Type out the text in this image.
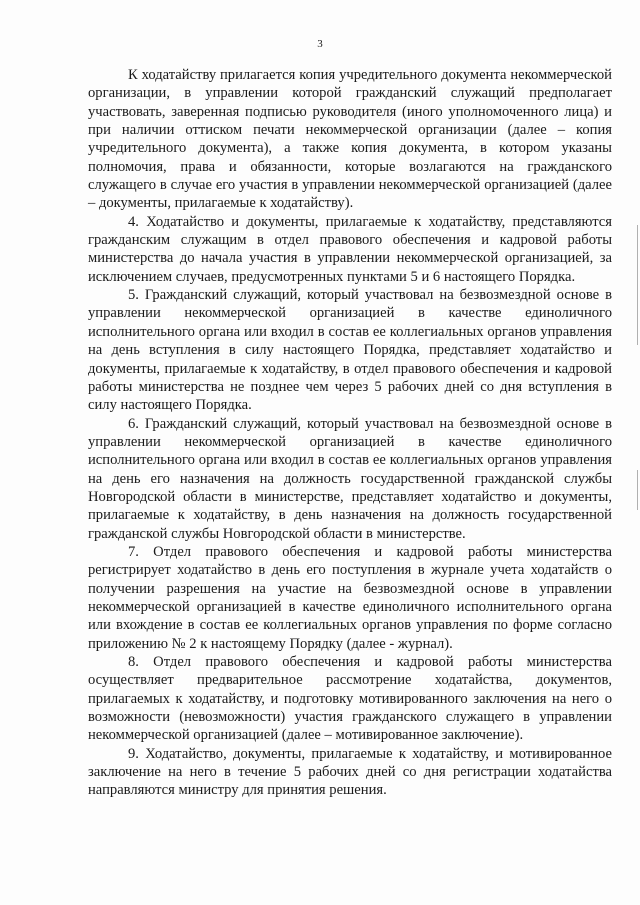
3

К ходатайству прилагается копия учредительного документа некоммерческой организации, в управлении которой гражданский служащий предполагает участвовать, заверенная подписью руководителя (иного уполномоченного лица) и при наличии оттиском печати некоммерческой организации (далее – копия учредительного документа), а также копия документа, в котором указаны полномочия, права и обязанности, которые возлагаются на гражданского служащего в случае его участия в управлении некоммерческой организацией (далее – документы, прилагаемые к ходатайству).

4. Ходатайство и документы, прилагаемые к ходатайству, представляются гражданским служащим в отдел правового обеспечения и кадровой работы министерства до начала участия в управлении некоммерческой организацией, за исключением случаев, предусмотренных пунктами 5 и 6 настоящего Порядка.

5. Гражданский служащий, который участвовал на безвозмездной основе в управлении некоммерческой организацией в качестве единоличного исполнительного органа или входил в состав ее коллегиальных органов управления на день вступления в силу настоящего Порядка, представляет ходатайство и документы, прилагаемые к ходатайству, в отдел правового обеспечения и кадровой работы министерства не позднее чем через 5 рабочих дней со дня вступления в силу настоящего Порядка.

6. Гражданский служащий, который участвовал на безвозмездной основе в управлении некоммерческой организацией в качестве единоличного исполнительного органа или входил в состав ее коллегиальных органов управления на день его назначения на должность государственной гражданской службы Новгородской области в министерстве, представляет ходатайство и документы, прилагаемые к ходатайству, в день назначения на должность государственной гражданской службы Новгородской области в министерстве.

7. Отдел правового обеспечения и кадровой работы министерства регистрирует ходатайство в день его поступления в журнале учета ходатайств о получении разрешения на участие на безвозмездной основе в управлении некоммерческой организацией в качестве единоличного исполнительного органа или вхождение в состав ее коллегиальных органов управления по форме согласно приложению № 2 к настоящему Порядку (далее - журнал).

8. Отдел правового обеспечения и кадровой работы министерства осуществляет предварительное рассмотрение ходатайства, документов, прилагаемых к ходатайству, и подготовку мотивированного заключения на него о возможности (невозможности) участия гражданского служащего в управлении некоммерческой организацией (далее – мотивированное заключение).

9. Ходатайство, документы, прилагаемые к ходатайству, и мотивированное заключение на него в течение 5 рабочих дней со дня регистрации ходатайства направляются министру для принятия решения.
